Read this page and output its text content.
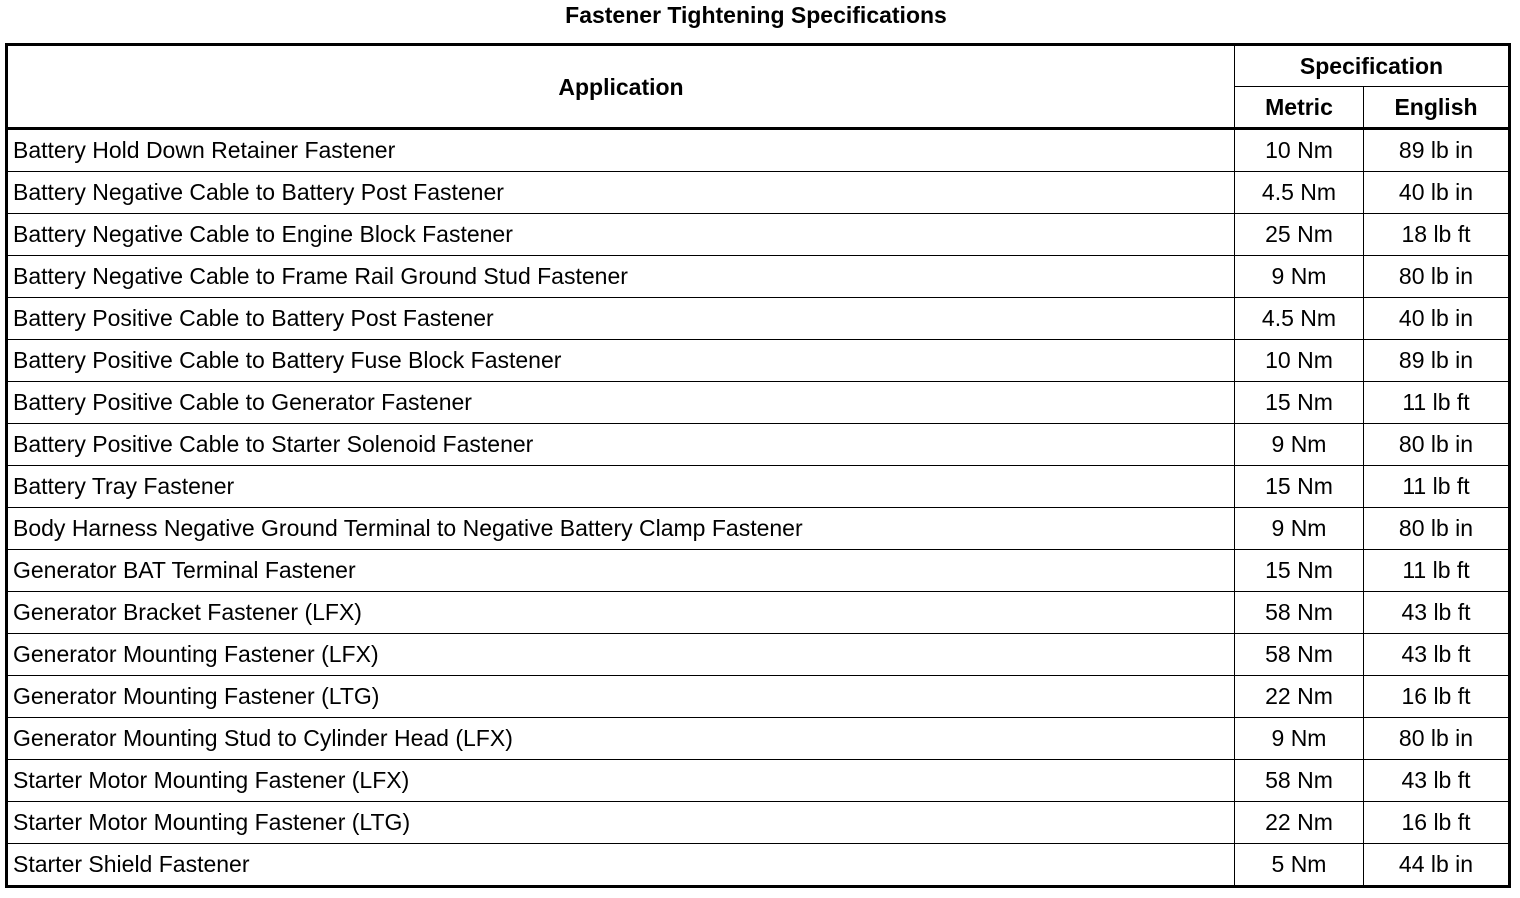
Fastener Tightening Specifications
Application	Specification	
	Metric	English
Battery Hold Down Retainer Fastener	10 Nm	89 lb in
Battery Negative Cable to Battery Post Fastener	4.5 Nm	40 lb in
Battery Negative Cable to Engine Block Fastener	25 Nm	18 lb ft
Battery Negative Cable to Frame Rail Ground Stud Fastener	9 Nm	80 lb in
Battery Positive Cable to Battery Post Fastener	4.5 Nm	40 lb in
Battery Positive Cable to Battery Fuse Block Fastener	10 Nm	89 lb in
Battery Positive Cable to Generator Fastener	15 Nm	11 lb ft
Battery Positive Cable to Starter Solenoid Fastener	9 Nm	80 lb in
Battery Tray Fastener	15 Nm	11 lb ft
Body Harness Negative Ground Terminal to Negative Battery Clamp Fastener	9 Nm	80 lb in
Generator BAT Terminal Fastener	15 Nm	11 lb ft
Generator Bracket Fastener (LFX)	58 Nm	43 lb ft
Generator Mounting Fastener (LFX)	58 Nm	43 lb ft
Generator Mounting Fastener (LTG)	22 Nm	16 lb ft
Generator Mounting Stud to Cylinder Head (LFX)	9 Nm	80 lb in
Starter Motor Mounting Fastener (LFX)	58 Nm	43 lb ft
Starter Motor Mounting Fastener (LTG)	22 Nm	16 lb ft
Starter Shield Fastener	5 Nm	44 lb in
